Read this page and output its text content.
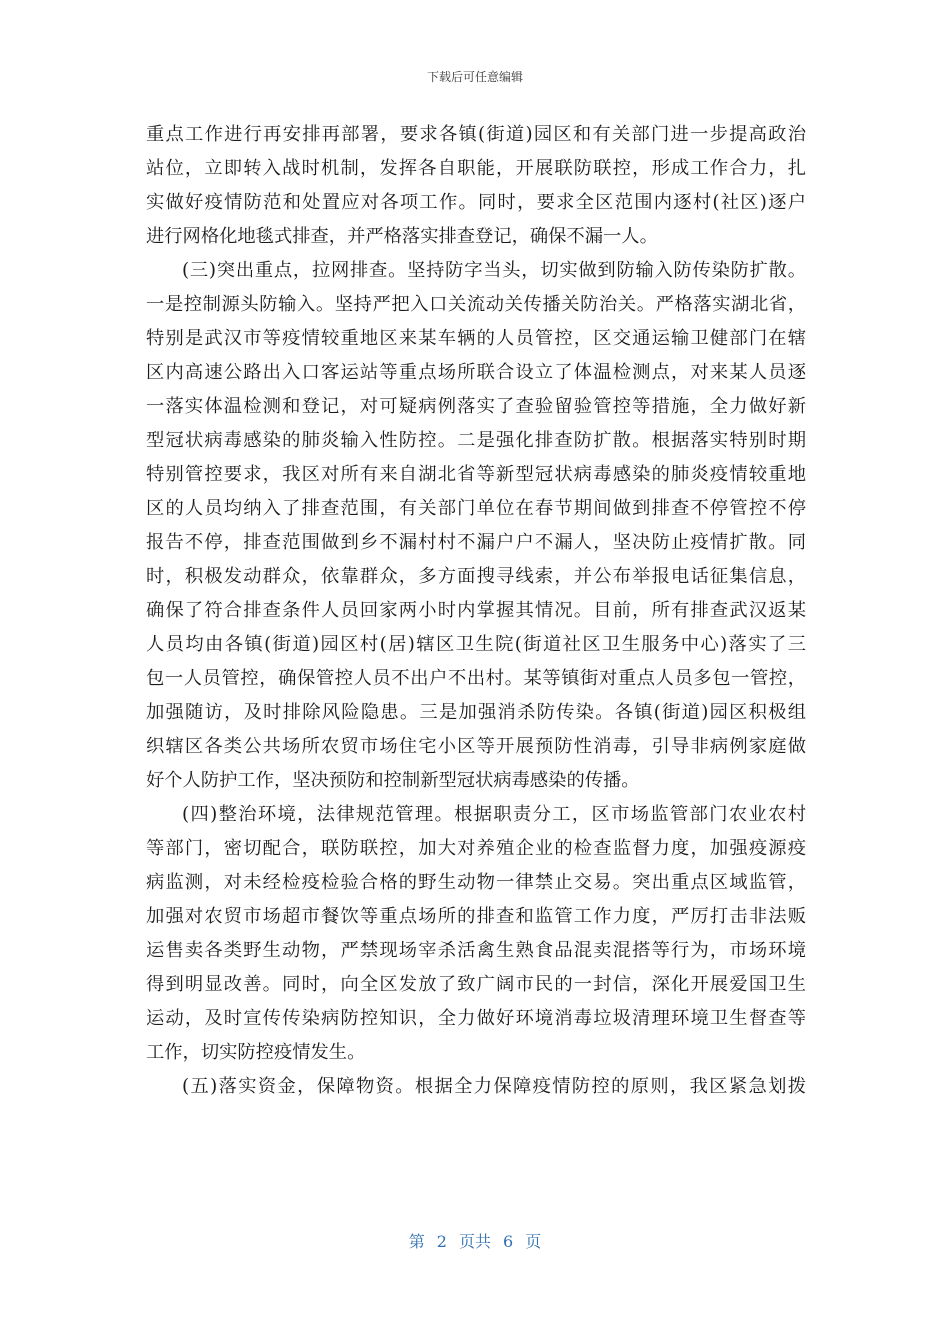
下载后可任意编辑
重点工作进行再安排再部署，要求各镇(街道)园区和有关部门进一步提高政治
站位，立即转入战时机制，发挥各自职能，开展联防联控，形成工作合力，扎
实做好疫情防范和处置应对各项工作。同时，要求全区范围内逐村(社区)逐户
进行网格化地毯式排查，并严格落实排查登记，确保不漏一人。
(三)突出重点，拉网排查。坚持防字当头，切实做到防输入防传染防扩散。
一是控制源头防输入。坚持严把入口关流动关传播关防治关。严格落实湖北省，
特别是武汉市等疫情较重地区来某车辆的人员管控，区交通运输卫健部门在辖
区内高速公路出入口客运站等重点场所联合设立了体温检测点，对来某人员逐
一落实体温检测和登记，对可疑病例落实了查验留验管控等措施，全力做好新
型冠状病毒感染的肺炎输入性防控。二是强化排查防扩散。根据落实特别时期
特别管控要求，我区对所有来自湖北省等新型冠状病毒感染的肺炎疫情较重地
区的人员均纳入了排查范围，有关部门单位在春节期间做到排查不停管控不停
报告不停，排查范围做到乡不漏村村不漏户户不漏人，坚决防止疫情扩散。同
时，积极发动群众，依靠群众，多方面搜寻线索，并公布举报电话征集信息，
确保了符合排查条件人员回家两小时内掌握其情况。目前，所有排查武汉返某
人员均由各镇(街道)园区村(居)辖区卫生院(街道社区卫生服务中心)落实了三
包一人员管控，确保管控人员不出户不出村。某等镇街对重点人员多包一管控，
加强随访，及时排除风险隐患。三是加强消杀防传染。各镇(街道)园区积极组
织辖区各类公共场所农贸市场住宅小区等开展预防性消毒，引导非病例家庭做
好个人防护工作，坚决预防和控制新型冠状病毒感染的传播。
(四)整治环境，法律规范管理。根据职责分工，区市场监管部门农业农村
等部门，密切配合，联防联控，加大对养殖企业的检查监督力度，加强疫源疫
病监测，对未经检疫检验合格的野生动物一律禁止交易。突出重点区域监管，
加强对农贸市场超市餐饮等重点场所的排查和监管工作力度，严厉打击非法贩
运售卖各类野生动物，严禁现场宰杀活禽生熟食品混卖混搭等行为，市场环境
得到明显改善。同时，向全区发放了致广阔市民的一封信，深化开展爱国卫生
运动，及时宣传传染病防控知识，全力做好环境消毒垃圾清理环境卫生督查等
工作，切实防控疫情发生。
(五)落实资金，保障物资。根据全力保障疫情防控的原则，我区紧急划拨
第 2 页共 6 页
